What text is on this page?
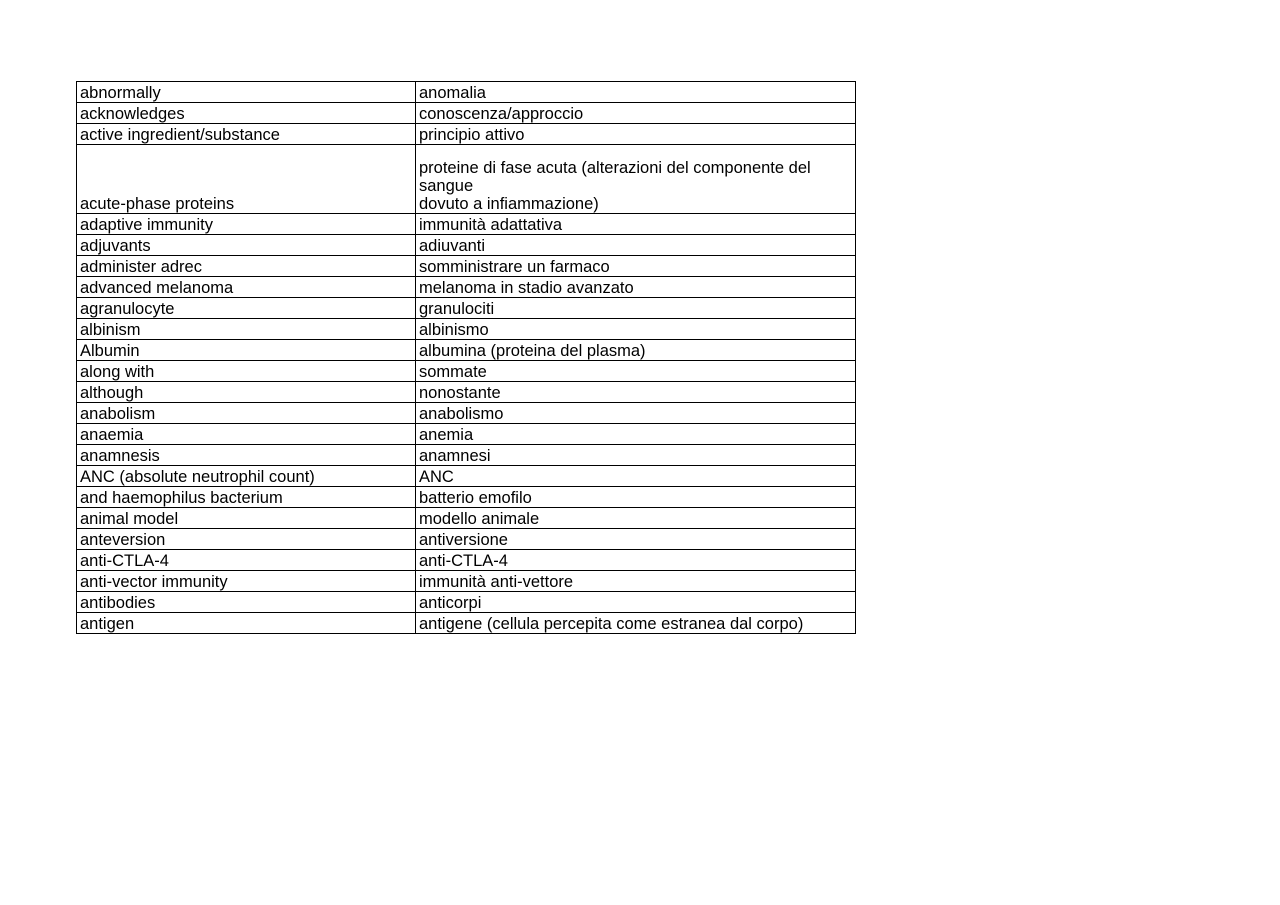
abnormally	anomalia
acknowledges	conoscenza/approccio
active ingredient/substance	principio attivo
acute-phase proteins	proteine di fase acuta (alterazioni del componente del
sangue
dovuto a infiammazione)
adaptive immunity	immunità adattativa
adjuvants	adiuvanti
administer adrec	somministrare un farmaco
advanced melanoma	melanoma in stadio avanzato
agranulocyte	granulociti
albinism	albinismo
Albumin	albumina (proteina del plasma)
along with	sommate
although	nonostante
anabolism	anabolismo
anaemia	anemia
anamnesis	anamnesi
ANC (absolute neutrophil count)	ANC
and haemophilus bacterium	batterio emofilo
animal model	modello animale
anteversion	antiversione
anti-CTLA-4	anti-CTLA-4
anti-vector immunity	immunità anti-vettore
antibodies	anticorpi
antigen	antigene (cellula percepita come estranea dal corpo)
